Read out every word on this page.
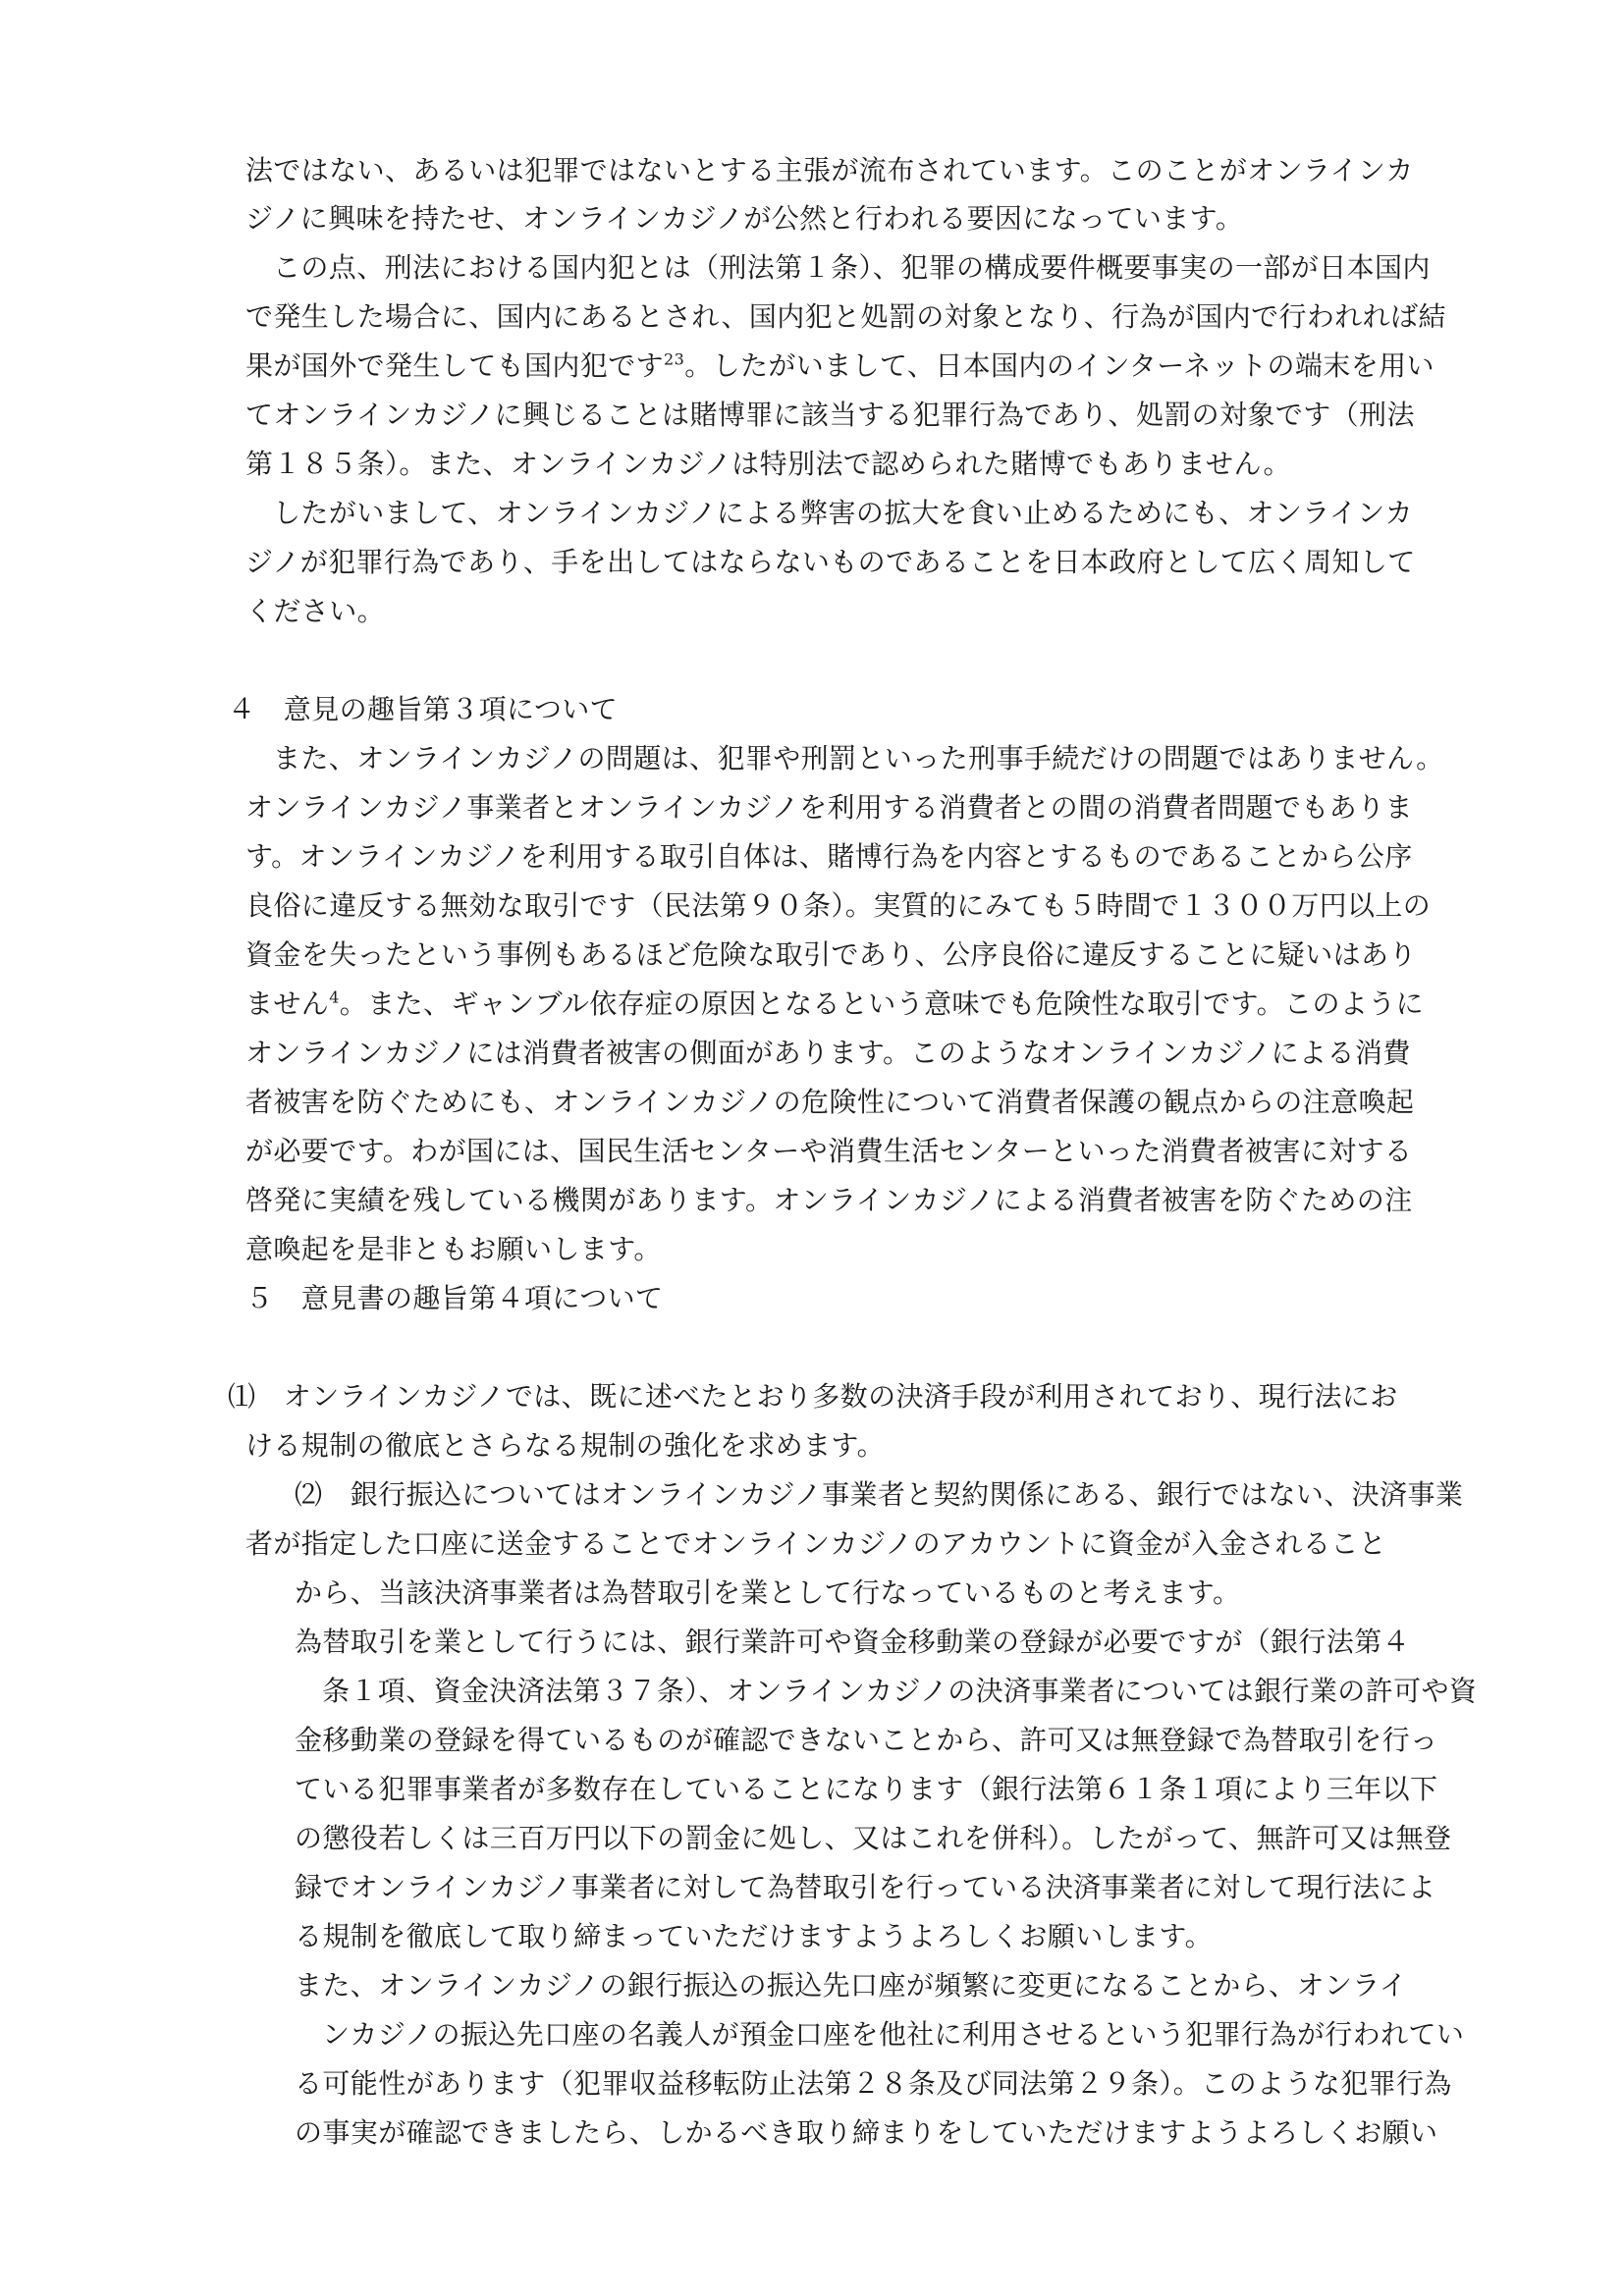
法ではない、あるいは犯罪ではないとする主張が流布されています。このことがオンラインカ
ジノに興味を持たせ、オンラインカジノが公然と行われる要因になっています。
この点、刑法における国内犯とは（刑法第１条）、犯罪の構成要件概要事実の一部が日本国内
で発生した場合に、国内にあるとされ、国内犯と処罰の対象となり、行為が国内で行われれば結
果が国外で発生しても国内犯です$^{23}$。したがいまして、日本国内のインターネットの端末を用い
てオンラインカジノに興じることは賭博罪に該当する犯罪行為であり、処罰の対象です（刑法
第１８５条）。また、オンラインカジノは特別法で認められた賭博でもありません。
したがいまして、オンラインカジノによる弊害の拡大を食い止めるためにも、オンラインカ
ジノが犯罪行為であり、手を出してはならないものであることを日本政府として広く周知して
ください。
４　意見の趣旨第３項について
また、オンラインカジノの問題は、犯罪や刑罰といった刑事手続だけの問題ではありません。
オンラインカジノ事業者とオンラインカジノを利用する消費者との間の消費者問題でもありま
す。オンラインカジノを利用する取引自体は、賭博行為を内容とするものであることから公序
良俗に違反する無効な取引です（民法第９０条）。実質的にみても５時間で１３００万円以上の
資金を失ったという事例もあるほど危険な取引であり、公序良俗に違反することに疑いはあり
ません$^4$。また、ギャンブル依存症の原因となるという意味でも危険性な取引です。このように
オンラインカジノには消費者被害の側面があります。このようなオンラインカジノによる消費
者被害を防ぐためにも、オンラインカジノの危険性について消費者保護の観点からの注意喚起
が必要です。わが国には、国民生活センターや消費生活センターといった消費者被害に対する
啓発に実績を残している機関があります。オンラインカジノによる消費者被害を防ぐための注
意喚起を是非ともお願いします。
５　意見書の趣旨第４項について
⑴　オンラインカジノでは、既に述べたとおり多数の決済手段が利用されており、現行法にお
ける規制の徹底とさらなる規制の強化を求めます。
⑵　銀行振込についてはオンラインカジノ事業者と契約関係にある、銀行ではない、決済事業
者が指定した口座に送金することでオンラインカジノのアカウントに資金が入金されること
から、当該決済事業者は為替取引を業として行なっているものと考えます。
為替取引を業として行うには、銀行業許可や資金移動業の登録が必要ですが（銀行法第４
条１項、資金決済法第３７条）、オンラインカジノの決済事業者については銀行業の許可や資
金移動業の登録を得ているものが確認できないことから、許可又は無登録で為替取引を行っ
ている犯罪事業者が多数存在していることになります（銀行法第６１条１項により三年以下
の懲役若しくは三百万円以下の罰金に処し、又はこれを併科）。したがって、無許可又は無登
録でオンラインカジノ事業者に対して為替取引を行っている決済事業者に対して現行法によ
る規制を徹底して取り締まっていただけますようよろしくお願いします。
また、オンラインカジノの銀行振込の振込先口座が頻繁に変更になることから、オンライ
ンカジノの振込先口座の名義人が預金口座を他社に利用させるという犯罪行為が行われてい
る可能性があります（犯罪収益移転防止法第２８条及び同法第２９条）。このような犯罪行為
の事実が確認できましたら、しかるべき取り締まりをしていただけますようよろしくお願い
